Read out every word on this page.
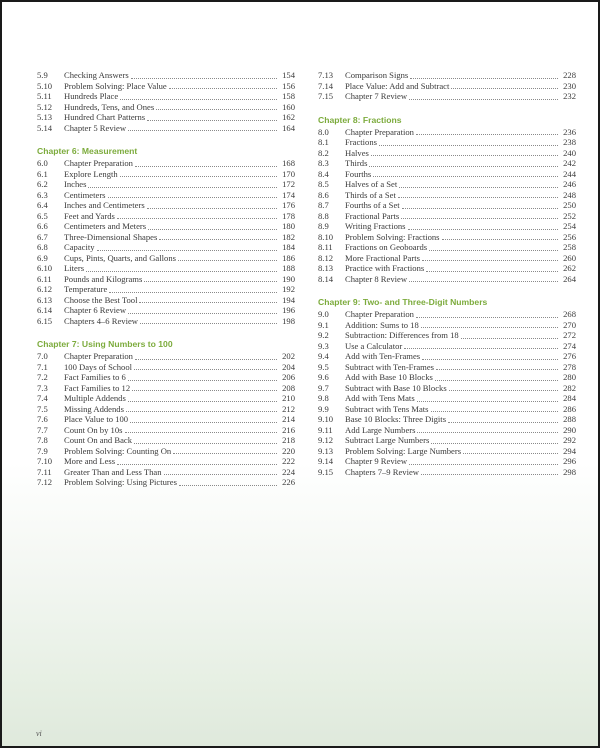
5.9	Checking Answers	154
5.10	Problem Solving: Place Value	156
5.11	Hundreds Place	158
5.12	Hundreds, Tens, and Ones	160
5.13	Hundred Chart Patterns	162
5.14	Chapter 5 Review	164
Chapter 6: Measurement
6.0	Chapter Preparation	168
6.1	Explore Length	170
6.2	Inches	172
6.3	Centimeters	174
6.4	Inches and Centimeters	176
6.5	Feet and Yards	178
6.6	Centimeters and Meters	180
6.7	Three-Dimensional Shapes	182
6.8	Capacity	184
6.9	Cups, Pints, Quarts, and Gallons	186
6.10	Liters	188
6.11	Pounds and Kilograms	190
6.12	Temperature	192
6.13	Choose the Best Tool	194
6.14	Chapter 6 Review	196
6.15	Chapters 4–6 Review	198
Chapter 7: Using Numbers to 100
7.0	Chapter Preparation	202
7.1	100 Days of School	204
7.2	Fact Families to 6	206
7.3	Fact Families to 12	208
7.4	Multiple Addends	210
7.5	Missing Addends	212
7.6	Place Value to 100	214
7.7	Count On by 10s	216
7.8	Count On and Back	218
7.9	Problem Solving: Counting On	220
7.10	More and Less	222
7.11	Greater Than and Less Than	224
7.12	Problem Solving: Using Pictures	226
7.13	Comparison Signs	228
7.14	Place Value: Add and Subtract	230
7.15	Chapter 7 Review	232
Chapter 8: Fractions
8.0	Chapter Preparation	236
8.1	Fractions	238
8.2	Halves	240
8.3	Thirds	242
8.4	Fourths	244
8.5	Halves of a Set	246
8.6	Thirds of a Set	248
8.7	Fourths of a Set	250
8.8	Fractional Parts	252
8.9	Writing Fractions	254
8.10	Problem Solving: Fractions	256
8.11	Fractions on Geoboards	258
8.12	More Fractional Parts	260
8.13	Practice with Fractions	262
8.14	Chapter 8 Review	264
Chapter 9: Two- and Three-Digit Numbers
9.0	Chapter Preparation	268
9.1	Addition: Sums to 18	270
9.2	Subtraction: Differences from 18	272
9.3	Use a Calculator	274
9.4	Add with Ten-Frames	276
9.5	Subtract with Ten-Frames	278
9.6	Add with Base 10 Blocks	280
9.7	Subtract with Base 10 Blocks	282
9.8	Add with Tens Mats	284
9.9	Subtract with Tens Mats	286
9.10	Base 10 Blocks: Three Digits	288
9.11	Add Large Numbers	290
9.12	Subtract Large Numbers	292
9.13	Problem Solving: Large Numbers	294
9.14	Chapter 9 Review	296
9.15	Chapters 7–9 Review	298
vi
